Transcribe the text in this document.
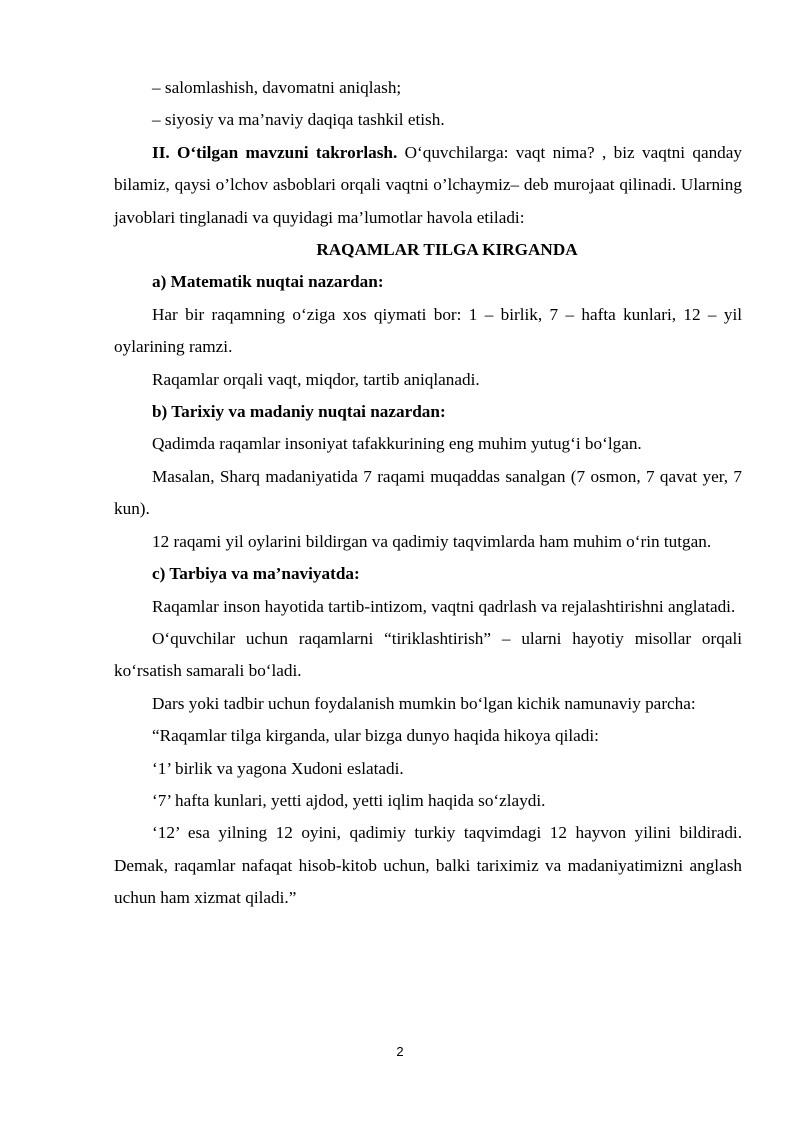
– salomlashish, davomatni aniqlash;

– siyosiy va ma’naviy daqiqa tashkil etish.

II. O‘tilgan mavzuni takrorlash. O‘quvchilarga: vaqt nima? , biz vaqtni qanday bilamiz, qaysi o’lchov asboblari orqali vaqtni o’lchaymiz– deb murojaat qilinadi. Ularning javoblari tinglanadi va quyidagi ma’lumotlar havola etiladi:

RAQAMLAR TILGA KIRGANDA

a) Matematik nuqtai nazardan:

Har bir raqamning o‘ziga xos qiymati bor: 1 – birlik, 7 – hafta kunlari, 12 – yil oylarining ramzi.

Raqamlar orqali vaqt, miqdor, tartib aniqlanadi.

b) Tarixiy va madaniy nuqtai nazardan:

Qadimda raqamlar insoniyat tafakkurining eng muhim yutug‘i bo‘lgan.

Masalan, Sharq madaniyatida 7 raqami muqaddas sanalgan (7 osmon, 7 qavat yer, 7 kun).

12 raqami yil oylarini bildirgan va qadimiy taqvimlarda ham muhim o‘rin tutgan.

c) Tarbiya va ma’naviyatda:

Raqamlar inson hayotida tartib-intizom, vaqtni qadrlash va rejalashtirishni anglatadi.

O‘quvchilar uchun raqamlarni “tiriklashtirish” – ularni hayotiy misollar orqali ko‘rsatish samarali bo‘ladi.

Dars yoki tadbir uchun foydalanish mumkin bo‘lgan kichik namunaviy parcha:

“Raqamlar tilga kirganda, ular bizga dunyo haqida hikoya qiladi:

‘1’ birlik va yagona Xudoni eslatadi.

‘7’ hafta kunlari, yetti ajdod, yetti iqlim haqida so‘zlaydi.

‘12’ esa yilning 12 oyini, qadimiy turkiy taqvimdagi 12 hayvon yilini bildiradi. Demak, raqamlar nafaqat hisob-kitob uchun, balki tariximiz va madaniyatimizni anglash uchun ham xizmat qiladi.”

2
